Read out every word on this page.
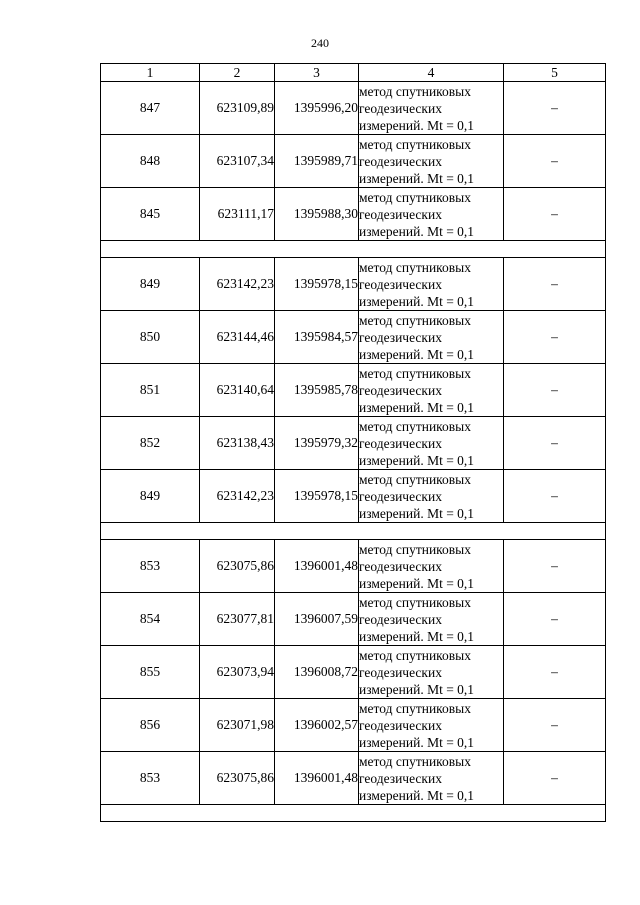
240
1	2	3	4	5
847	623109,89	1395996,20	метод спутниковых
геодезических
измерений. Mt = 0,1	–
848	623107,34	1395989,71	метод спутниковых
геодезических
измерений. Mt = 0,1	–
845	623111,17	1395988,30	метод спутниковых
геодезических
измерений. Mt = 0,1	–

849	623142,23	1395978,15	метод спутниковых
геодезических
измерений. Mt = 0,1	–
850	623144,46	1395984,57	метод спутниковых
геодезических
измерений. Mt = 0,1	–
851	623140,64	1395985,78	метод спутниковых
геодезических
измерений. Mt = 0,1	–
852	623138,43	1395979,32	метод спутниковых
геодезических
измерений. Mt = 0,1	–
849	623142,23	1395978,15	метод спутниковых
геодезических
измерений. Mt = 0,1	–

853	623075,86	1396001,48	метод спутниковых
геодезических
измерений. Mt = 0,1	–
854	623077,81	1396007,59	метод спутниковых
геодезических
измерений. Mt = 0,1	–
855	623073,94	1396008,72	метод спутниковых
геодезических
измерений. Mt = 0,1	–
856	623071,98	1396002,57	метод спутниковых
геодезических
измерений. Mt = 0,1	–
853	623075,86	1396001,48	метод спутниковых
геодезических
измерений. Mt = 0,1	–
